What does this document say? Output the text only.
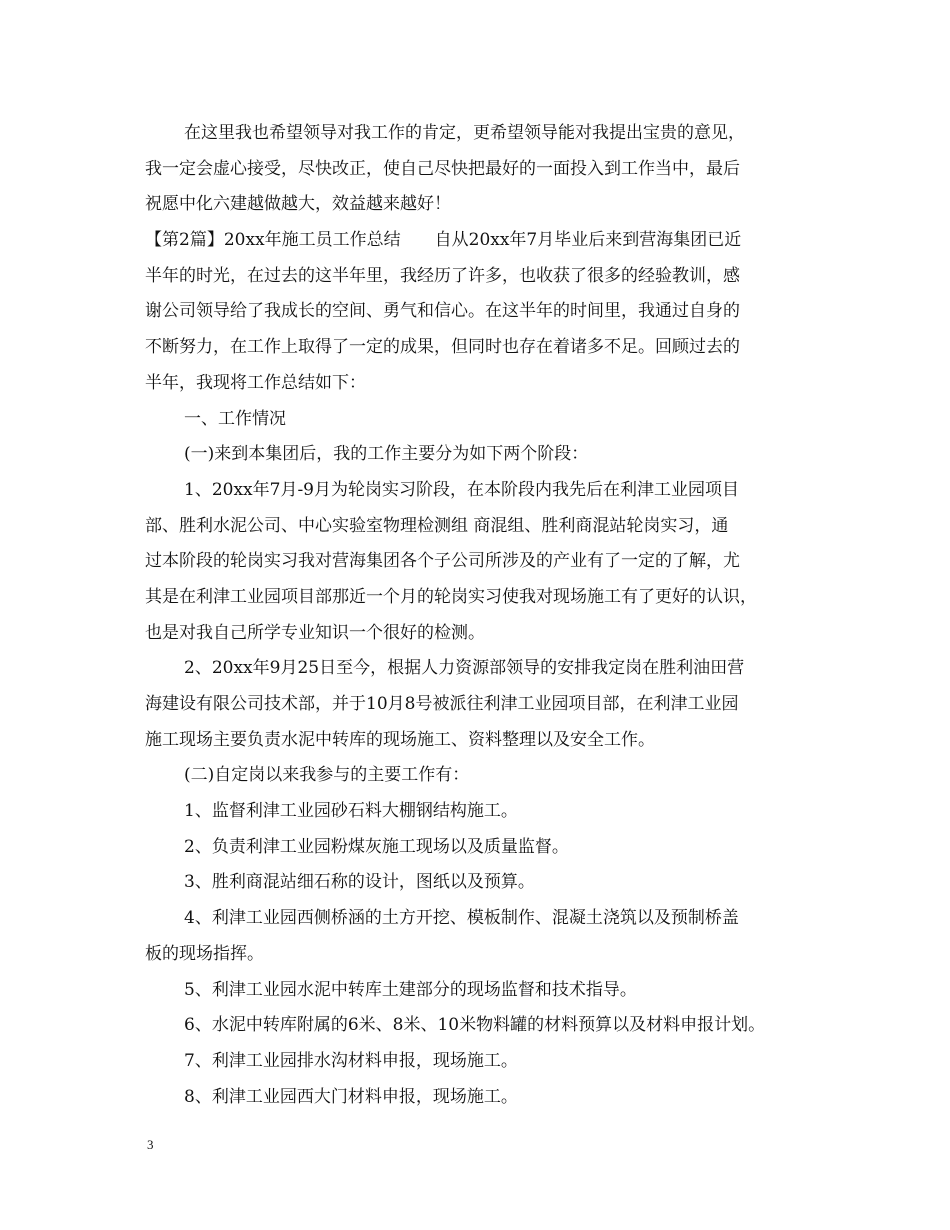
在这里我也希望领导对我工作的肯定，更希望领导能对我提出宝贵的意见，
我一定会虚心接受，尽快改正，使自己尽快把最好的一面投入到工作当中，最后
祝愿中化六建越做越大，效益越来越好！
【第2篇】20xx年施工员工作总结　　自从20xx年7月毕业后来到营海集团已近
半年的时光，在过去的这半年里，我经历了许多，也收获了很多的经验教训，感
谢公司领导给了我成长的空间、勇气和信心。在这半年的时间里，我通过自身的
不断努力，在工作上取得了一定的成果，但同时也存在着诸多不足。回顾过去的
半年，我现将工作总结如下：
一、工作情况
(一)来到本集团后，我的工作主要分为如下两个阶段：
1、20xx年7月-9月为轮岗实习阶段，在本阶段内我先后在利津工业园项目
部、胜利水泥公司、中心实验室物理检测组 商混组、胜利商混站轮岗实习，通
过本阶段的轮岗实习我对营海集团各个子公司所涉及的产业有了一定的了解，尤
其是在利津工业园项目部那近一个月的轮岗实习使我对现场施工有了更好的认识，
也是对我自己所学专业知识一个很好的检测。
2、20xx年9月25日至今，根据人力资源部领导的安排我定岗在胜利油田营
海建设有限公司技术部，并于10月8号被派往利津工业园项目部，在利津工业园
施工现场主要负责水泥中转库的现场施工、资料整理以及安全工作。
(二)自定岗以来我参与的主要工作有：
1、监督利津工业园砂石料大棚钢结构施工。
2、负责利津工业园粉煤灰施工现场以及质量监督。
3、胜利商混站细石称的设计，图纸以及预算。
4、利津工业园西侧桥涵的土方开挖、模板制作、混凝土浇筑以及预制桥盖
板的现场指挥。
5、利津工业园水泥中转库土建部分的现场监督和技术指导。
6、水泥中转库附属的6米、8米、10米物料罐的材料预算以及材料申报计划。
7、利津工业园排水沟材料申报，现场施工。
8、利津工业园西大门材料申报，现场施工。
3
